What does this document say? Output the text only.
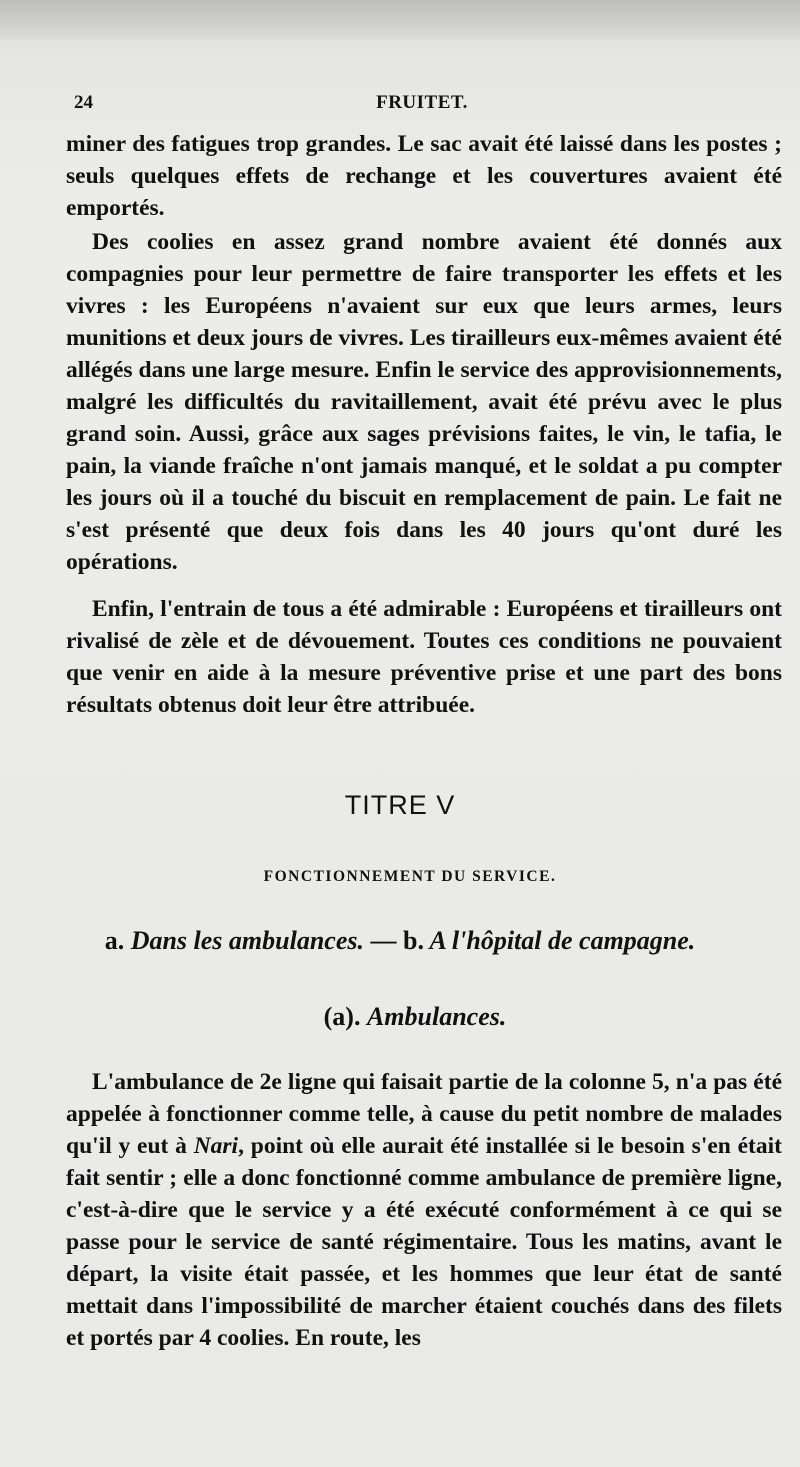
24	FRUITET.

miner des fatigues trop grandes. Le sac avait été laissé dans les postes ; seuls quelques effets de rechange et les couvertures avaient été emportés.

Des coolies en assez grand nombre avaient été donnés aux compagnies pour leur permettre de faire transporter les effets et les vivres : les Européens n'avaient sur eux que leurs armes, leurs munitions et deux jours de vivres. Les tirailleurs eux-mêmes avaient été allégés dans une large mesure. Enfin le service des approvisionnements, malgré les difficultés du ravitaillement, avait été prévu avec le plus grand soin. Aussi, grâce aux sages prévisions faites, le vin, le tafia, le pain, la viande fraîche n'ont jamais manqué, et le soldat a pu compter les jours où il a touché du biscuit en remplacement de pain. Le fait ne s'est présenté que deux fois dans les 40 jours qu'ont duré les opérations.

Enfin, l'entrain de tous a été admirable : Européens et tirailleurs ont rivalisé de zèle et de dévouement. Toutes ces conditions ne pouvaient que venir en aide à la mesure préventive prise et une part des bons résultats obtenus doit leur être attribuée.

TITRE V
FONCTIONNEMENT DU SERVICE.
a. Dans les ambulances. — b. A l'hôpital de campagne.
(a). Ambulances.

L'ambulance de 2e ligne qui faisait partie de la colonne 5, n'a pas été appelée à fonctionner comme telle, à cause du petit nombre de malades qu'il y eut à Nari, point où elle aurait été installée si le besoin s'en était fait sentir ; elle a donc fonctionné comme ambulance de première ligne, c'est-à-dire que le service y a été exécuté conformément à ce qui se passe pour le service de santé régimentaire. Tous les matins, avant le départ, la visite était passée, et les hommes que leur état de santé mettait dans l'impossibilité de marcher étaient couchés dans des filets et portés par 4 coolies. En route, les
